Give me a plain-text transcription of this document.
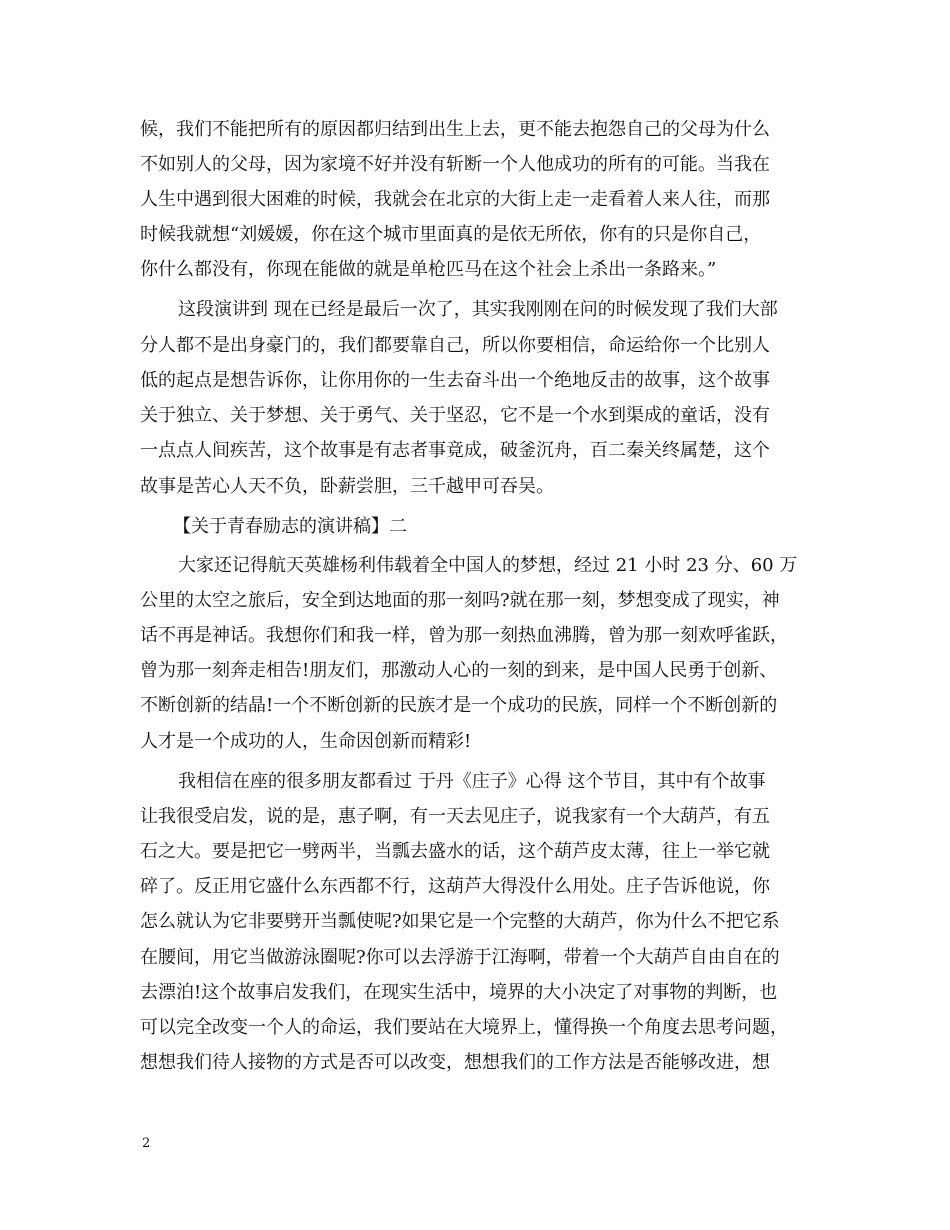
候，我们不能把所有的原因都归结到出生上去，更不能去抱怨自己的父母为什么
不如别人的父母，因为家境不好并没有斩断一个人他成功的所有的可能。当我在
人生中遇到很大困难的时候，我就会在北京的大街上走一走看着人来人往，而那
时候我就想“刘媛媛，你在这个城市里面真的是依无所依，你有的只是你自己，
你什么都没有，你现在能做的就是单枪匹马在这个社会上杀出一条路来。”
这段演讲到 现在已经是最后一次了，其实我刚刚在问的时候发现了我们大部
分人都不是出身豪门的，我们都要靠自己，所以你要相信，命运给你一个比别人
低的起点是想告诉你，让你用你的一生去奋斗出一个绝地反击的故事，这个故事
关于独立、关于梦想、关于勇气、关于坚忍，它不是一个水到渠成的童话，没有
一点点人间疾苦，这个故事是有志者事竟成，破釜沉舟，百二秦关终属楚，这个
故事是苦心人天不负，卧薪尝胆，三千越甲可吞吴。
【关于青春励志的演讲稿】二
大家还记得航天英雄杨利伟载着全中国人的梦想，经过 21 小时 23 分、60 万
公里的太空之旅后，安全到达地面的那一刻吗?就在那一刻，梦想变成了现实，神
话不再是神话。我想你们和我一样，曾为那一刻热血沸腾，曾为那一刻欢呼雀跃，
曾为那一刻奔走相告!朋友们，那激动人心的一刻的到来，是中国人民勇于创新、
不断创新的结晶!一个不断创新的民族才是一个成功的民族，同样一个不断创新的
人才是一个成功的人，生命因创新而精彩!
我相信在座的很多朋友都看过 于丹《庄子》心得 这个节目，其中有个故事
让我很受启发，说的是，惠子啊，有一天去见庄子，说我家有一个大葫芦，有五
石之大。要是把它一劈两半，当瓢去盛水的话，这个葫芦皮太薄，往上一举它就
碎了。反正用它盛什么东西都不行，这葫芦大得没什么用处。庄子告诉他说，你
怎么就认为它非要劈开当瓢使呢?如果它是一个完整的大葫芦，你为什么不把它系
在腰间，用它当做游泳圈呢?你可以去浮游于江海啊，带着一个大葫芦自由自在的
去漂泊!这个故事启发我们，在现实生活中，境界的大小决定了对事物的判断，也
可以完全改变一个人的命运，我们要站在大境界上，懂得换一个角度去思考问题，
想想我们待人接物的方式是否可以改变，想想我们的工作方法是否能够改进，想
2
